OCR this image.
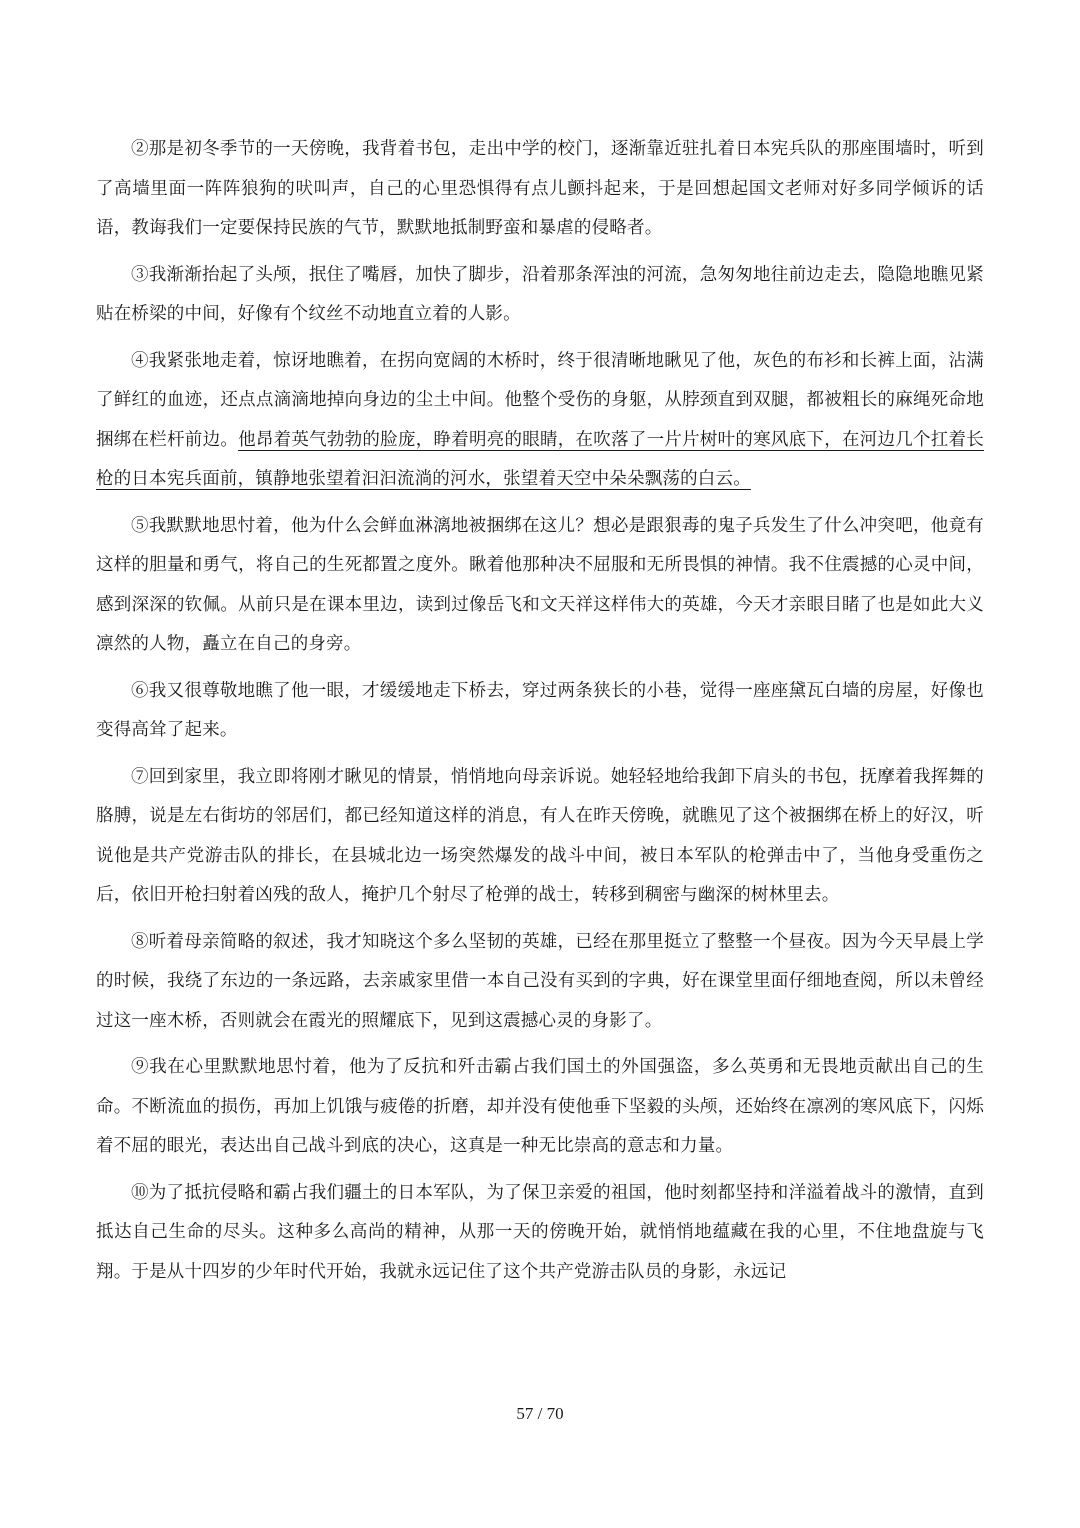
②那是初冬季节的一天傍晚，我背着书包，走出中学的校门，逐渐靠近驻扎着日本宪兵队的那座围墙时，听到了高墙里面一阵阵狼狗的吠叫声，自己的心里恐惧得有点儿颤抖起来，于是回想起国文老师对好多同学倾诉的话语，教诲我们一定要保持民族的气节，默默地抵制野蛮和暴虐的侵略者。

③我渐渐抬起了头颅，抿住了嘴唇，加快了脚步，沿着那条浑浊的河流，急匆匆地往前边走去，隐隐地瞧见紧贴在桥梁的中间，好像有个纹丝不动地直立着的人影。

④我紧张地走着，惊讶地瞧着，在拐向宽阔的木桥时，终于很清晰地瞅见了他，灰色的布衫和长裤上面，沾满了鲜红的血迹，还点点滴滴地掉向身边的尘土中间。他整个受伤的身躯，从脖颈直到双腿，都被粗长的麻绳死命地捆绑在栏杆前边。他昂着英气勃勃的脸庞，睁着明亮的眼睛，在吹落了一片片树叶的寒风底下，在河边几个扛着长枪的日本宪兵面前，镇静地张望着汩汩流淌的河水，张望着天空中朵朵飘荡的白云。

⑤我默默地思忖着，他为什么会鲜血淋漓地被捆绑在这儿？想必是跟狠毒的鬼子兵发生了什么冲突吧，他竟有这样的胆量和勇气，将自己的生死都置之度外。瞅着他那种决不屈服和无所畏惧的神情。我不住震撼的心灵中间，感到深深的钦佩。从前只是在课本里边，读到过像岳飞和文天祥这样伟大的英雄，今天才亲眼目睹了也是如此大义凛然的人物，矗立在自己的身旁。

⑥我又很尊敬地瞧了他一眼，才缓缓地走下桥去，穿过两条狭长的小巷，觉得一座座黛瓦白墙的房屋，好像也变得高耸了起来。

⑦回到家里，我立即将刚才瞅见的情景，悄悄地向母亲诉说。她轻轻地给我卸下肩头的书包，抚摩着我挥舞的胳膊，说是左右街坊的邻居们，都已经知道这样的消息，有人在昨天傍晚，就瞧见了这个被捆绑在桥上的好汉，听说他是共产党游击队的排长，在县城北边一场突然爆发的战斗中间，被日本军队的枪弹击中了，当他身受重伤之后，依旧开枪扫射着凶残的敌人，掩护几个射尽了枪弹的战士，转移到稠密与幽深的树林里去。

⑧听着母亲简略的叙述，我才知晓这个多么坚韧的英雄，已经在那里挺立了整整一个昼夜。因为今天早晨上学的时候，我绕了东边的一条远路，去亲戚家里借一本自己没有买到的字典，好在课堂里面仔细地查阅，所以未曾经过这一座木桥，否则就会在霞光的照耀底下，见到这震撼心灵的身影了。

⑨我在心里默默地思忖着，他为了反抗和歼击霸占我们国土的外国强盗，多么英勇和无畏地贡献出自己的生命。不断流血的损伤，再加上饥饿与疲倦的折磨，却并没有使他垂下坚毅的头颅，还始终在凛冽的寒风底下，闪烁着不屈的眼光，表达出自己战斗到底的决心，这真是一种无比崇高的意志和力量。

⑩为了抵抗侵略和霸占我们疆土的日本军队，为了保卫亲爱的祖国，他时刻都坚持和洋溢着战斗的激情，直到抵达自己生命的尽头。这种多么高尚的精神，从那一天的傍晚开始，就悄悄地蕴藏在我的心里，不住地盘旋与飞翔。于是从十四岁的少年时代开始，我就永远记住了这个共产党游击队员的身影，永远记

57 / 70
